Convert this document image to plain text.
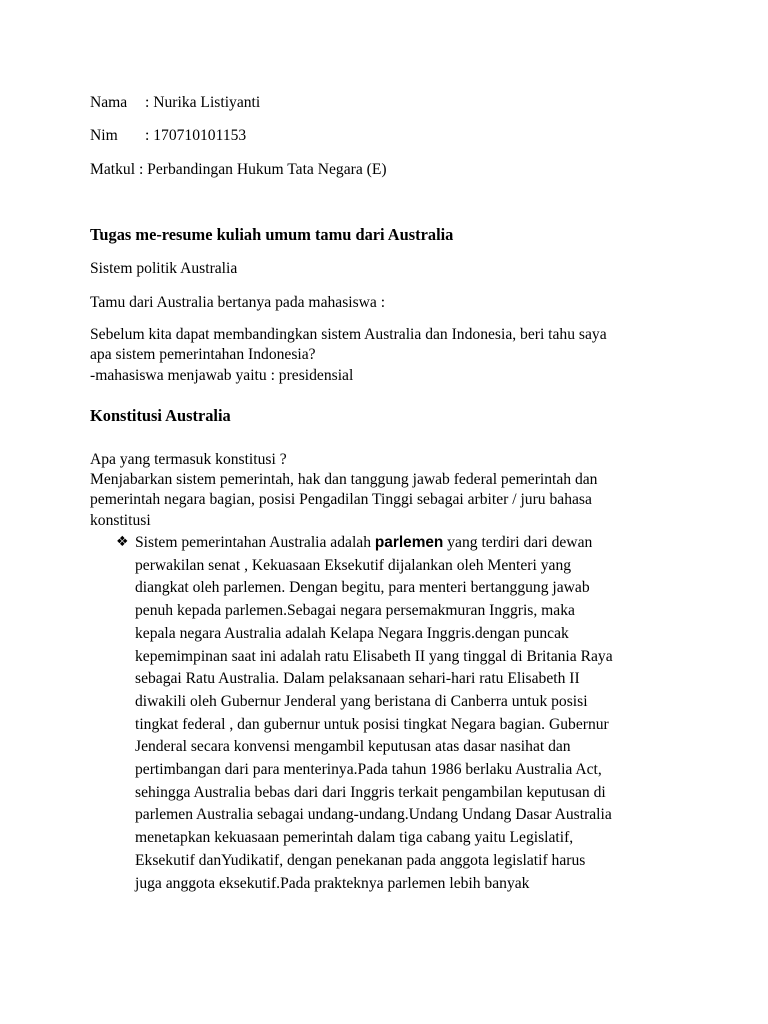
Nama : Nurika Listiyanti
Nim : 170710101153
Matkul : Perbandingan Hukum Tata Negara (E)
Tugas me-resume kuliah umum tamu dari Australia
Sistem politik Australia
Tamu dari Australia bertanya pada mahasiswa :
Sebelum kita dapat membandingkan sistem Australia dan Indonesia, beri tahu saya
apa sistem pemerintahan Indonesia?
-mahasiswa menjawab yaitu : presidensial
Konstitusi Australia
Apa yang termasuk konstitusi ?
Menjabarkan sistem pemerintah, hak dan tanggung jawab federal pemerintah dan
pemerintah negara bagian, posisi Pengadilan Tinggi sebagai arbiter / juru bahasa
konstitusi
❖ Sistem pemerintahan Australia adalah parlemen yang terdiri dari dewan
perwakilan senat , Kekuasaan Eksekutif dijalankan oleh Menteri yang
diangkat oleh parlemen. Dengan begitu, para menteri bertanggung jawab
penuh kepada parlemen.Sebagai negara persemakmuran Inggris, maka
kepala negara Australia adalah Kelapa Negara Inggris.dengan puncak
kepemimpinan saat ini adalah ratu Elisabeth II yang tinggal di Britania Raya
sebagai Ratu Australia. Dalam pelaksanaan sehari-hari ratu Elisabeth II
diwakili oleh Gubernur Jenderal yang beristana di Canberra untuk posisi
tingkat federal , dan gubernur untuk posisi tingkat Negara bagian. Gubernur
Jenderal secara konvensi mengambil keputusan atas dasar nasihat dan
pertimbangan dari para menterinya.Pada tahun 1986 berlaku Australia Act,
sehingga Australia bebas dari dari Inggris terkait pengambilan keputusan di
parlemen Australia sebagai undang-undang.Undang Undang Dasar Australia
menetapkan kekuasaan pemerintah dalam tiga cabang yaitu Legislatif,
Eksekutif danYudikatif, dengan penekanan pada anggota legislatif harus
juga anggota eksekutif.Pada prakteknya parlemen lebih banyak
